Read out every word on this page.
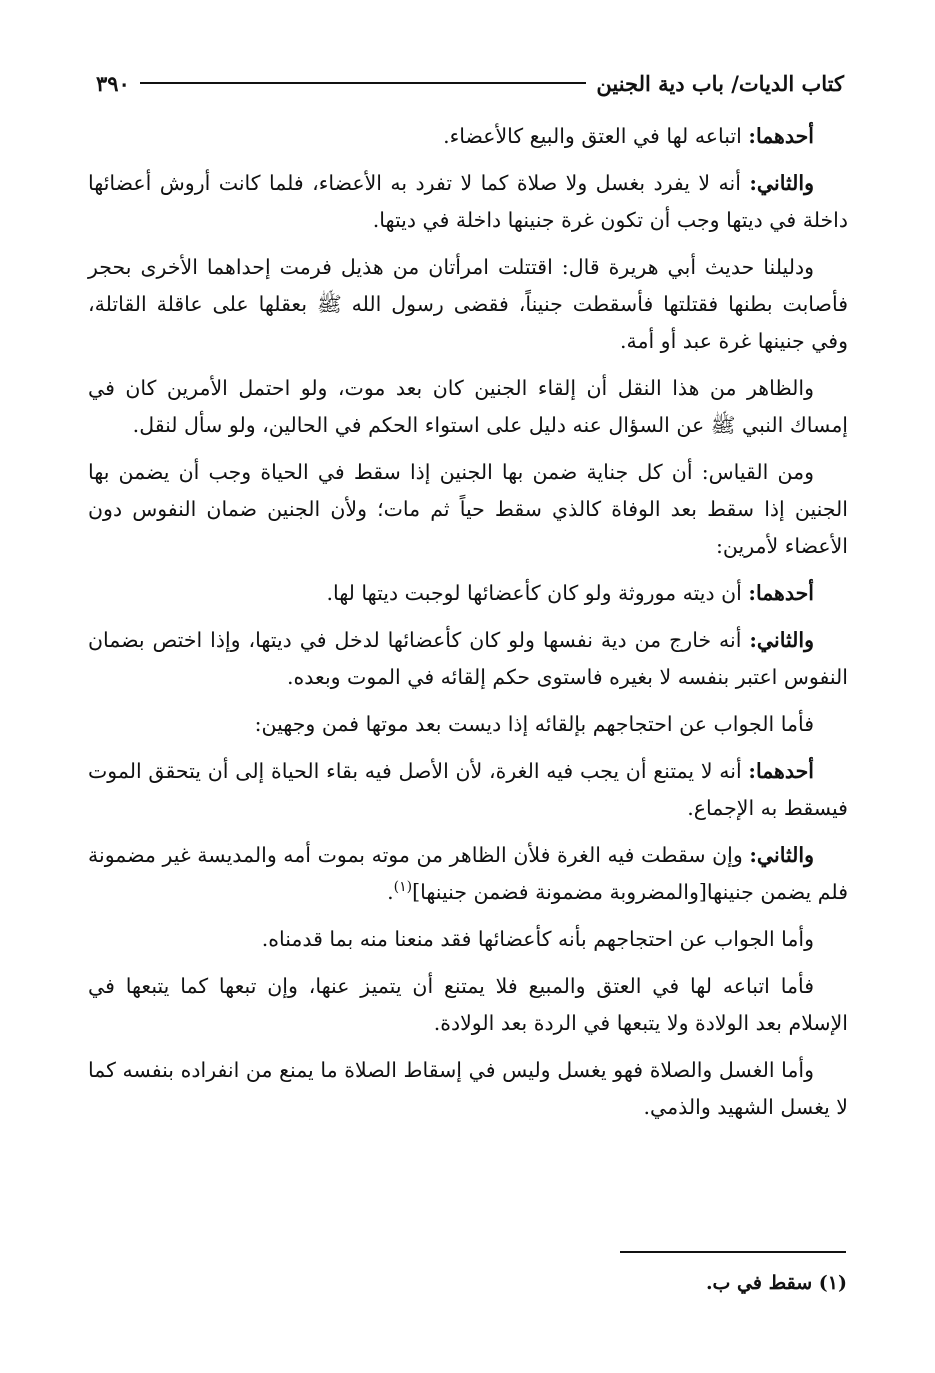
كتاب الديات/ باب دية الجنين
٣٩٠

أحدهما: اتباعه لها في العتق والبيع كالأعضاء.

والثاني: أنه لا يفرد بغسل ولا صلاة كما لا تفرد به الأعضاء، فلما كانت أروش أعضائها داخلة في ديتها وجب أن تكون غرة جنينها داخلة في ديتها.

ودليلنا حديث أبي هريرة قال: اقتتلت امرأتان من هذيل فرمت إحداهما الأخرى بحجر فأصابت بطنها فقتلتها فأسقطت جنيناً، فقضى رسول الله ﷺ بعقلها على عاقلة القاتلة، وفي جنينها غرة عبد أو أمة.

والظاهر من هذا النقل أن إلقاء الجنين كان بعد موت، ولو احتمل الأمرين كان في إمساك النبي ﷺ عن السؤال عنه دليل على استواء الحكم في الحالين، ولو سأل لنقل.

ومن القياس: أن كل جناية ضمن بها الجنين إذا سقط في الحياة وجب أن يضمن بها الجنين إذا سقط بعد الوفاة كالذي سقط حياً ثم مات؛ ولأن الجنين ضمان النفوس دون الأعضاء لأمرين:

أحدهما: أن ديته موروثة ولو كان كأعضائها لوجبت ديتها لها.

والثاني: أنه خارج من دية نفسها ولو كان كأعضائها لدخل في ديتها، وإذا اختص بضمان النفوس اعتبر بنفسه لا بغيره فاستوى حكم إلقائه في الموت وبعده.

فأما الجواب عن احتجاجهم بإلقائه إذا ديست بعد موتها فمن وجهين:

أحدهما: أنه لا يمتنع أن يجب فيه الغرة، لأن الأصل فيه بقاء الحياة إلى أن يتحقق الموت فيسقط به الإجماع.

والثاني: وإن سقطت فيه الغرة فلأن الظاهر من موته بموت أمه والمديسة غير مضمونة فلم يضمن جنينها[والمضروبة مضمونة فضمن جنينها]$^{(١)}$.

وأما الجواب عن احتجاجهم بأنه كأعضائها فقد منعنا منه بما قدمناه.

فأما اتباعه لها في العتق والمبيع فلا يمتنع أن يتميز عنها، وإن تبعها كما يتبعها في الإسلام بعد الولادة ولا يتبعها في الردة بعد الولادة.

وأما الغسل والصلاة فهو يغسل وليس في إسقاط الصلاة ما يمنع من انفراده بنفسه كما لا يغسل الشهيد والذمي.

(١) سقط في ب.
